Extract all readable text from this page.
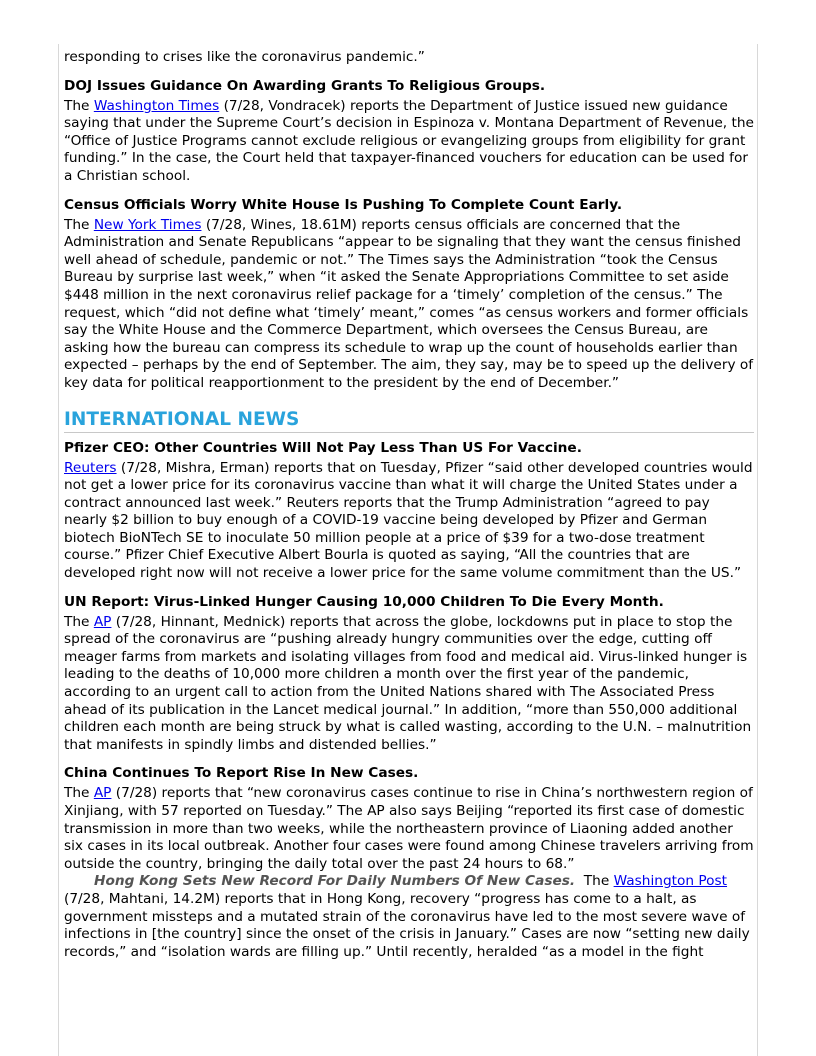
responding to crises like the coronavirus pandemic.”

DOJ Issues Guidance On Awarding Grants To Religious Groups.

The Washington Times (7/28, Vondracek) reports the Department of Justice issued new guidance saying that under the Supreme Court’s decision in Espinoza v. Montana Department of Revenue, the “Office of Justice Programs cannot exclude religious or evangelizing groups from eligibility for grant funding.” In the case, the Court held that taxpayer-financed vouchers for education can be used for a Christian school.

Census Officials Worry White House Is Pushing To Complete Count Early.

The New York Times (7/28, Wines, 18.61M) reports census officials are concerned that the Administration and Senate Republicans “appear to be signaling that they want the census finished well ahead of schedule, pandemic or not.” The Times says the Administration “took the Census Bureau by surprise last week,” when “it asked the Senate Appropriations Committee to set aside $448 million in the next coronavirus relief package for a ‘timely’ completion of the census.” The request, which “did not define what ‘timely’ meant,” comes “as census workers and former officials say the White House and the Commerce Department, which oversees the Census Bureau, are asking how the bureau can compress its schedule to wrap up the count of households earlier than expected – perhaps by the end of September. The aim, they say, may be to speed up the delivery of key data for political reapportionment to the president by the end of December.”

INTERNATIONAL NEWS
Pfizer CEO: Other Countries Will Not Pay Less Than US For Vaccine.

Reuters (7/28, Mishra, Erman) reports that on Tuesday, Pfizer “said other developed countries would not get a lower price for its coronavirus vaccine than what it will charge the United States under a contract announced last week.” Reuters reports that the Trump Administration “agreed to pay nearly $2 billion to buy enough of a COVID-19 vaccine being developed by Pfizer and German biotech BioNTech SE to inoculate 50 million people at a price of $39 for a two-dose treatment course.” Pfizer Chief Executive Albert Bourla is quoted as saying, “All the countries that are developed right now will not receive a lower price for the same volume commitment than the US.”

UN Report: Virus-Linked Hunger Causing 10,000 Children To Die Every Month.

The AP (7/28, Hinnant, Mednick) reports that across the globe, lockdowns put in place to stop the spread of the coronavirus are “pushing already hungry communities over the edge, cutting off meager farms from markets and isolating villages from food and medical aid. Virus-linked hunger is leading to the deaths of 10,000 more children a month over the first year of the pandemic, according to an urgent call to action from the United Nations shared with The Associated Press ahead of its publication in the Lancet medical journal.” In addition, “more than 550,000 additional children each month are being struck by what is called wasting, according to the U.N. – malnutrition that manifests in spindly limbs and distended bellies.”

China Continues To Report Rise In New Cases.

The AP (7/28) reports that “new coronavirus cases continue to rise in China’s northwestern region of Xinjiang, with 57 reported on Tuesday.” The AP also says Beijing “reported its first case of domestic transmission in more than two weeks, while the northeastern province of Liaoning added another six cases in its local outbreak. Another four cases were found among Chinese travelers arriving from outside the country, bringing the daily total over the past 24 hours to 68.”

Hong Kong Sets New Record For Daily Numbers Of New Cases.  The Washington Post (7/28, Mahtani, 14.2M) reports that in Hong Kong, recovery “progress has come to a halt, as government missteps and a mutated strain of the coronavirus have led to the most severe wave of infections in [the country] since the onset of the crisis in January.” Cases are now “setting new daily records,” and “isolation wards are filling up.” Until recently, heralded “as a model in the fight
